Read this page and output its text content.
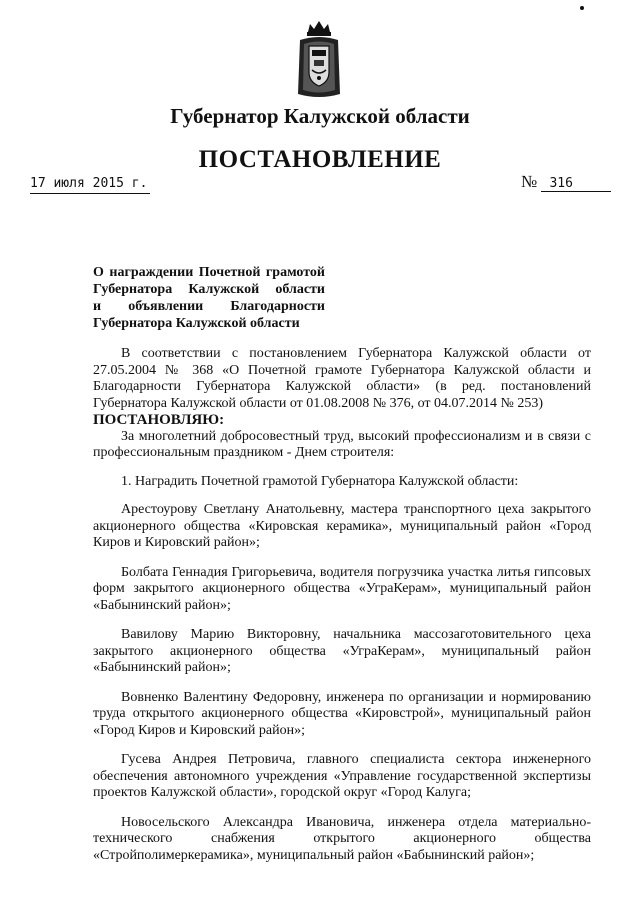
Губернатор Калужской области
ПОСТАНОВЛЕНИЕ
17 июля 2015 г.	№ 316
О награждении Почетной грамотой
Губернатора Калужской области
и объявлении Благодарности
Губернатора Калужской области

В соответствии с постановлением Губернатора Калужской области от 27.05.2004 № 368 «О Почетной грамоте Губернатора Калужской области и Благодарности Губернатора Калужской области» (в ред. постановлений Губернатора Калужской области от 01.08.2008 № 376, от 04.07.2014 № 253)

ПОСТАНОВЛЯЮ:

За многолетний добросовестный труд, высокий профессионализм и в связи с профессиональным праздником - Днем строителя:

1. Наградить Почетной грамотой Губернатора Калужской области:

Арестоурову Светлану Анатольевну, мастера транспортного цеха закрытого акционерного общества «Кировская керамика», муниципальный район «Город Киров и Кировский район»;

Болбата Геннадия Григорьевича, водителя погрузчика участка литья гипсовых форм закрытого акционерного общества «УграКерам», муниципальный район «Бабынинский район»;

Вавилову Марию Викторовну, начальника массозаготовительного цеха закрытого акционерного общества «УграКерам», муниципальный район «Бабынинский район»;

Вовненко Валентину Федоровну, инженера по организации и нормированию труда открытого акционерного общества «Кировстрой», муниципальный район «Город Киров и Кировский район»;

Гусева Андрея Петровича, главного специалиста сектора инженерного обеспечения автономного учреждения «Управление государственной экспертизы проектов Калужской области», городской округ «Город Калуга;

Новосельского Александра Ивановича, инженера отдела материально-технического снабжения открытого акционерного общества «Стройполимеркерамика», муниципальный район «Бабынинский район»;
